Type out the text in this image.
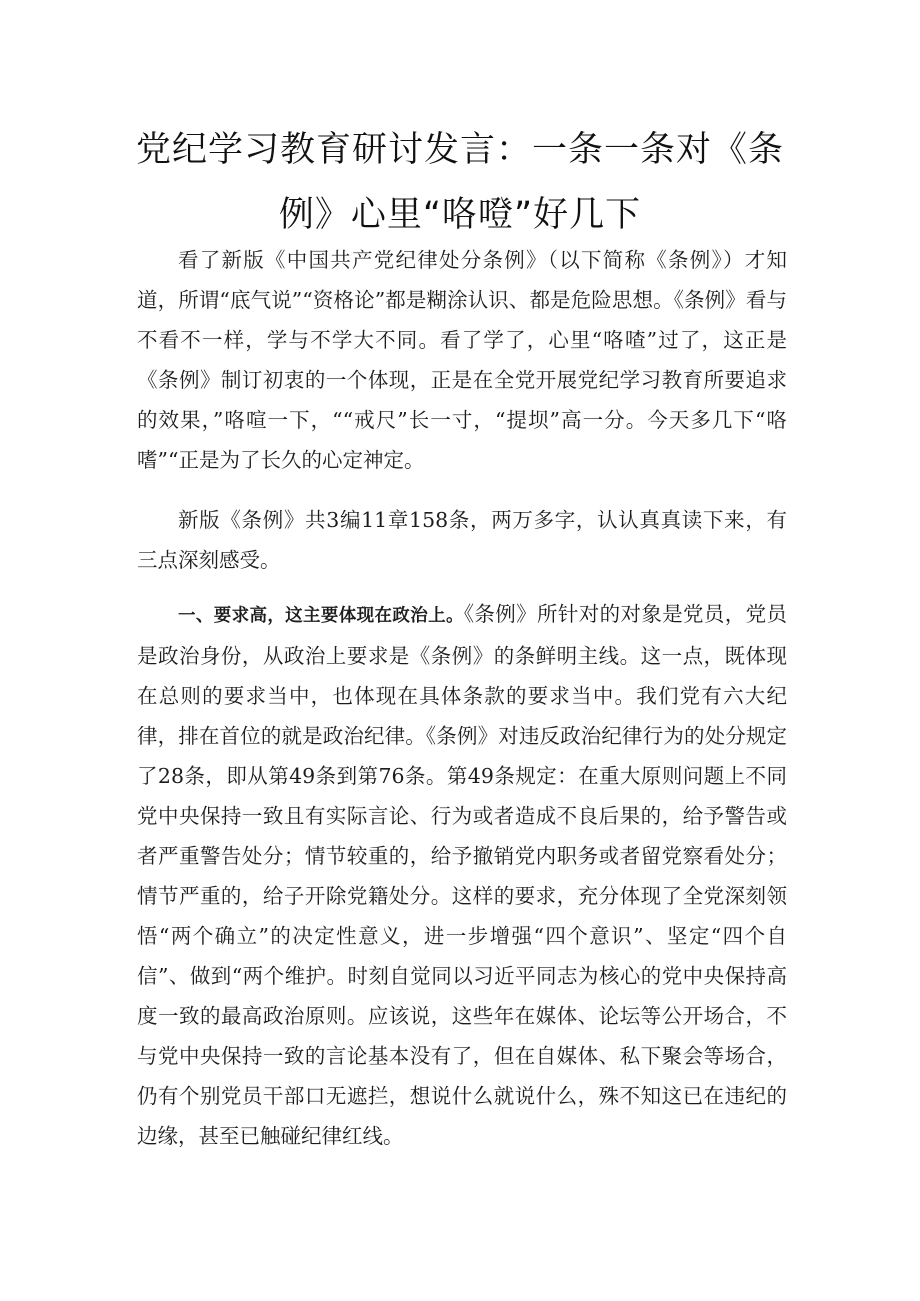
党纪学习教育研讨发言：一条一条对《条
例》心里“咯噔”好几下

看了新版《中国共产党纪律处分条例》（以下简称《条例》）才知道，所谓“底气说”“资格论”都是糊涂认识、都是危险思想。《条例》看与不看不一样，学与不学大不同。看了学了，心里“咯喳”过了，这正是《条例》制订初衷的一个体现，正是在全党开展党纪学习教育所要追求的效果，”咯喧一下，““戒尺”长一寸，“提坝”高一分。今天多几下“咯嗜”“正是为了长久的心定神定。

新版《条例》共3编11章158条，两万多字，认认真真读下来，有三点深刻感受。

一、要求高，这主要体现在政治上。《条例》所针对的对象是党员，党员是政治身份，从政治上要求是《条例》的条鲜明主线。这一点，既体现在总则的要求当中，也体现在具体条款的要求当中。我们党有六大纪律，排在首位的就是政治纪律。《条例》对违反政治纪律行为的处分规定了28条，即从第49条到第76条。第49条规定：在重大原则问题上不同党中央保持一致且有实际言论、行为或者造成不良后果的，给予警告或者严重警告处分；情节较重的，给予撤销党内职务或者留党察看处分；情节严重的，给子开除党籍处分。这样的要求，充分体现了全党深刻领悟“两个确立”的决定性意义，进一步增强“四个意识”、坚定“四个自信”、做到“两个维护。时刻自觉同以习近平同志为核心的党中央保持高度一致的最高政治原则。应该说，这些年在媒体、论坛等公开场合，不与党中央保持一致的言论基本没有了，但在自媒体、私下聚会等场合，仍有个别党员干部口无遮拦，想说什么就说什么，殊不知这已在违纪的边缘，甚至已触碰纪律红线。
